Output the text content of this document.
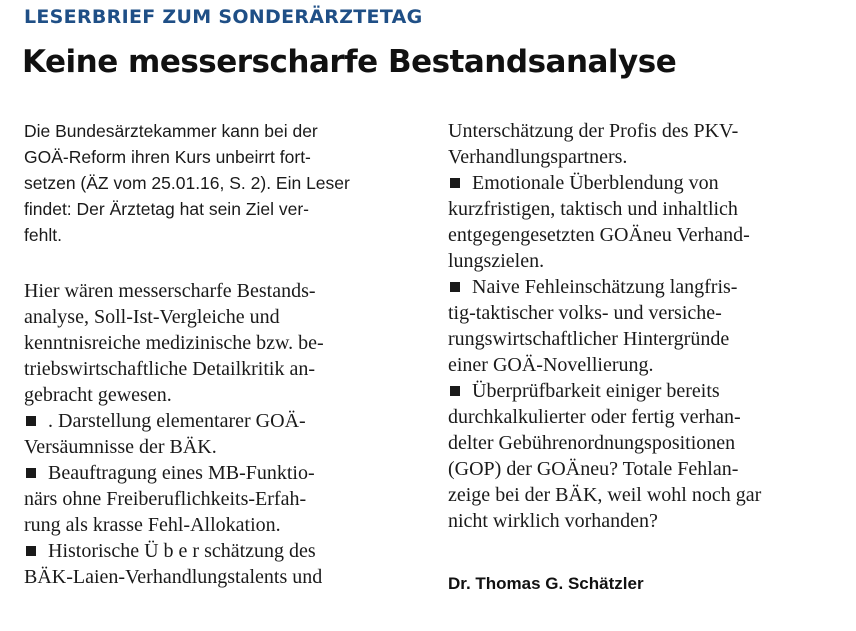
LESERBRIEF ZUM SONDERÄRZTETAG
Keine messerscharfe Bestandsanalyse
Die Bundesärztekammer kann bei der
GOÄ-Reform ihren Kurs unbeirrt fort-
setzen (ÄZ vom 25.01.16, S. 2). Ein Leser
findet: Der Ärztetag hat sein Ziel ver-
fehlt.
Hier wären messerscharfe Bestands-
analyse, Soll-Ist-Vergleiche und
kenntnisreiche medizinische bzw. be-
triebswirtschaftliche Detailkritik an-
gebracht gewesen.
. Darstellung elementarer GOÄ-
Versäumnisse der BÄK.
Beauftragung eines MB-Funktio-
närs ohne Freiberuflichkeits-Erfah-
rung als krasse Fehl-Allokation.
Historische Ü b e r schätzung des
BÄK-Laien-Verhandlungstalents und
Unterschätzung der Profis des PKV-
Verhandlungspartners.
Emotionale Überblendung von
kurzfristigen, taktisch und inhaltlich
entgegengesetzten GOÄneu Verhand-
lungszielen.
Naive Fehleinschätzung langfris-
tig-taktischer volks- und versiche-
rungswirtschaftlicher Hintergründe
einer GOÄ-Novellierung.
Überprüfbarkeit einiger bereits
durchkalkulierter oder fertig verhan-
delter Gebührenordnungspositionen
(GOP) der GOÄneu? Totale Fehlan-
zeige bei der BÄK, weil wohl noch gar
nicht wirklich vorhanden?
Dr. Thomas G. Schätzler
